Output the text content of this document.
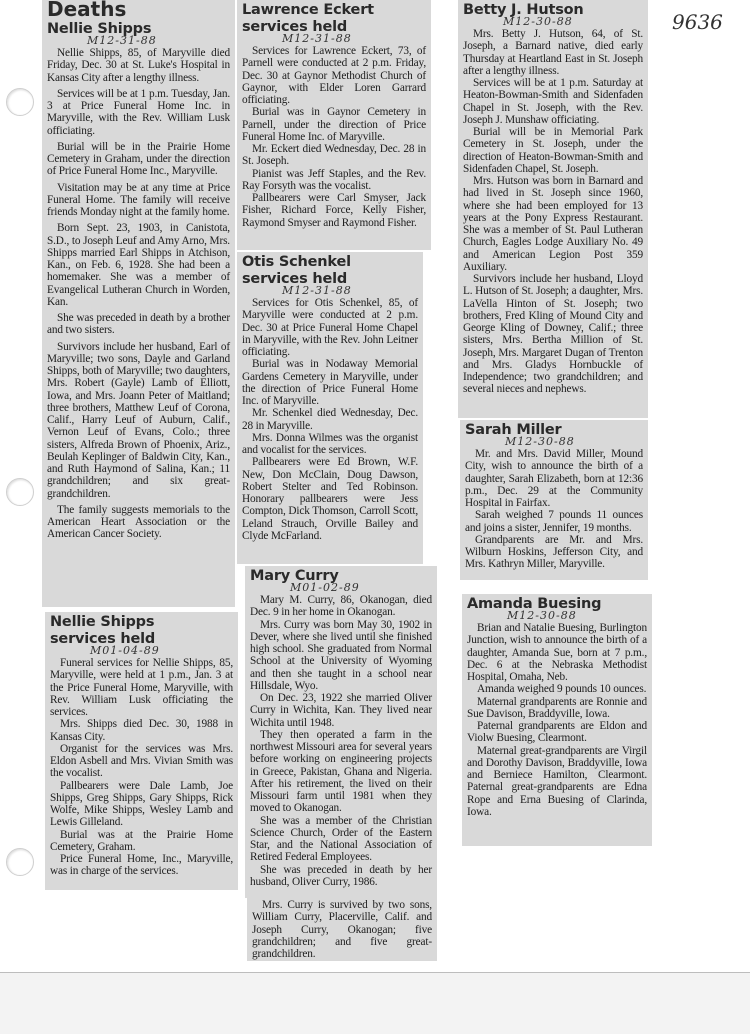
9636
Deaths
Nellie Shipps
M12-31-88

Nellie Shipps, 85, of Maryville died Friday, Dec. 30 at St. Luke's Hospital in Kansas City after a lengthy illness.

Services will be at 1 p.m. Tuesday, Jan. 3 at Price Funeral Home Inc. in Maryville, with the Rev. William Lusk officiating.

Burial will be in the Prairie Home Cemetery in Graham, under the direction of Price Funeral Home Inc., Maryville.

Visitation may be at any time at Price Funeral Home. The family will receive friends Monday night at the family home.

Born Sept. 23, 1903, in Canistota, S.D., to Joseph Leuf and Amy Arno, Mrs. Shipps married Earl Shipps in Atchison, Kan., on Feb. 6, 1928. She had been a homemaker. She was a member of Evangelical Lutheran Church in Worden, Kan.

She was preceded in death by a brother and two sisters.

Survivors include her husband, Earl of Maryville; two sons, Dayle and Garland Shipps, both of Maryville; two daughters, Mrs. Robert (Gayle) Lamb of Elliott, Iowa, and Mrs. Joann Peter of Maitland; three brothers, Matthew Leuf of Corona, Calif., Harry Leuf of Auburn, Calif., Vernon Leuf of Evans, Colo.; three sisters, Alfreda Brown of Phoenix, Ariz., Beulah Keplinger of Baldwin City, Kan., and Ruth Haymond of Salina, Kan.; 11 grandchildren; and six great-grandchildren.

The family suggests memorials to the American Heart Association or the American Cancer Society.

Nellie Shipps
services held
M01-04-89

Funeral services for Nellie Shipps, 85, Maryville, were held at 1 p.m., Jan. 3 at the Price Funeral Home, Maryville, with Rev. William Lusk officiating the services.

Mrs. Shipps died Dec. 30, 1988 in Kansas City.

Organist for the services was Mrs. Eldon Asbell and Mrs. Vivian Smith was the vocalist.

Pallbearers were Dale Lamb, Joe Shipps, Greg Shipps, Gary Shipps, Rick Wolfe, Mike Shipps, Wesley Lamb and Lewis Gilleland.

Burial was at the Prairie Home Cemetery, Graham.

Price Funeral Home, Inc., Maryville, was in charge of the services.

Lawrence Eckert
services held
M12-31-88

Services for Lawrence Eckert, 73, of Parnell were conducted at 2 p.m. Friday, Dec. 30 at Gaynor Methodist Church of Gaynor, with Elder Loren Garrard officiating.

Burial was in Gaynor Cemetery in Parnell, under the direction of Price Funeral Home Inc. of Maryville.

Mr. Eckert died Wednesday, Dec. 28 in St. Joseph.

Pianist was Jeff Staples, and the Rev. Ray Forsyth was the vocalist.

Pallbearers were Carl Smyser, Jack Fisher, Richard Force, Kelly Fisher, Raymond Smyser and Raymond Fisher.

Otis Schenkel
services held
M12-31-88

Services for Otis Schenkel, 85, of Maryville were conducted at 2 p.m. Dec. 30 at Price Funeral Home Chapel in Maryville, with the Rev. John Leitner officiating.

Burial was in Nodaway Memorial Gardens Cemetery in Maryville, under the direction of Price Funeral Home Inc. of Maryville.

Mr. Schenkel died Wednesday, Dec. 28 in Maryville.

Mrs. Donna Wilmes was the organist and vocalist for the services.

Pallbearers were Ed Brown, W.F. New, Don McClain, Doug Dawson, Robert Stelter and Ted Robinson. Honorary pallbearers were Jess Compton, Dick Thomson, Carroll Scott, Leland Strauch, Orville Bailey and Clyde McFarland.

Mary Curry
M01-02-89

Mary M. Curry, 86, Okanogan, died Dec. 9 in her home in Okanogan.

Mrs. Curry was born May 30, 1902 in Dever, where she lived until she finished high school. She graduated from Normal School at the University of Wyoming and then she taught in a school near Hillsdale, Wyo.

On Dec. 23, 1922 she married Oliver Curry in Wichita, Kan. They lived near Wichita until 1948.

They then operated a farm in the northwest Missouri area for several years before working on engineering projects in Greece, Pakistan, Ghana and Nigeria. After his retirement, the lived on their Missouri farm until 1981 when they moved to Okanogan.

She was a member of the Christian Science Church, Order of the Eastern Star, and the National Association of Retired Federal Employees.

She was preceded in death by her husband, Oliver Curry, 1986.

Mrs. Curry is survived by two sons, William Curry, Placerville, Calif. and Joseph Curry, Okanogan; five grandchildren; and five great-grandchildren.

Betty J. Hutson
M12-30-88

Mrs. Betty J. Hutson, 64, of St. Joseph, a Barnard native, died early Thursday at Heartland East in St. Joseph after a lengthy illness.

Services will be at 1 p.m. Saturday at Heaton-Bowman-Smith and Sidenfaden Chapel in St. Joseph, with the Rev. Joseph J. Munshaw officiating.

Burial will be in Memorial Park Cemetery in St. Joseph, under the direction of Heaton-Bowman-Smith and Sidenfaden Chapel, St. Joseph.

Mrs. Hutson was born in Barnard and had lived in St. Joseph since 1960, where she had been employed for 13 years at the Pony Express Restaurant. She was a member of St. Paul Lutheran Church, Eagles Lodge Auxiliary No. 49 and American Legion Post 359 Auxiliary.

Survivors include her husband, Lloyd L. Hutson of St. Joseph; a daughter, Mrs. LaVella Hinton of St. Joseph; two brothers, Fred Kling of Mound City and George Kling of Downey, Calif.; three sisters, Mrs. Bertha Million of St. Joseph, Mrs. Margaret Dugan of Trenton and Mrs. Gladys Hornbuckle of Independence; two grandchildren; and several nieces and nephews.

Sarah Miller
M12-30-88

Mr. and Mrs. David Miller, Mound City, wish to announce the birth of a daughter, Sarah Elizabeth, born at 12:36 p.m., Dec. 29 at the Community Hospital in Fairfax.

Sarah weighed 7 pounds 11 ounces and joins a sister, Jennifer, 19 months.

Grandparents are Mr. and Mrs. Wilburn Hoskins, Jefferson City, and Mrs. Kathryn Miller, Maryville.

Amanda Buesing
M12-30-88

Brian and Natalie Buesing, Burlington Junction, wish to announce the birth of a daughter, Amanda Sue, born at 7 p.m., Dec. 6 at the Nebraska Methodist Hospital, Omaha, Neb.

Amanda weighed 9 pounds 10 ounces.

Maternal grandparents are Ronnie and Sue Davison, Braddyville, Iowa.

Paternal grandparents are Eldon and Violw Buesing, Clearmont.

Maternal great-grandparents are Virgil and Dorothy Davison, Braddyville, Iowa and Berniece Hamilton, Clearmont. Paternal great-grandparents are Edna Rope and Erna Buesing of Clarinda, Iowa.
